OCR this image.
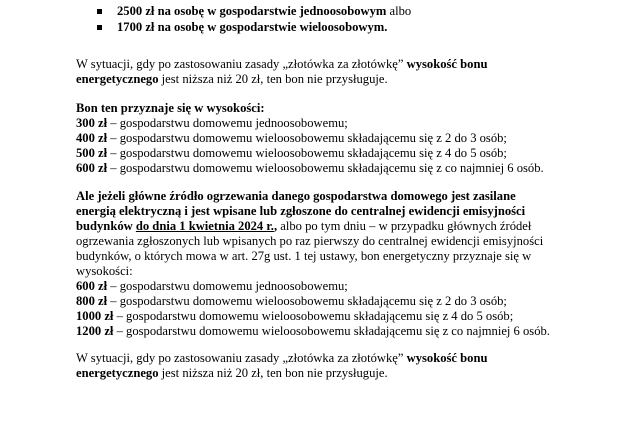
2500 zł na osobę w gospodarstwie jednoosobowym albo
1700 zł na osobę w gospodarstwie wieloosobowym.
W sytuacji, gdy po zastosowaniu zasady „złotówka za złotówkę” wysokość bonu
energetycznego jest niższa niż 20 zł, ten bon nie przysługuje.
Bon ten przyznaje się w wysokości:
300 zł – gospodarstwu domowemu jednoosobowemu;
400 zł – gospodarstwu domowemu wieloosobowemu składającemu się z 2 do 3 osób;
500 zł – gospodarstwu domowemu wieloosobowemu składającemu się z 4 do 5 osób;
600 zł – gospodarstwu domowemu wieloosobowemu składającemu się z co najmniej 6 osób.
Ale jeżeli główne źródło ogrzewania danego gospodarstwa domowego jest zasilane
energią elektryczną i jest wpisane lub zgłoszone do centralnej ewidencji emisyjności
budynków do dnia 1 kwietnia 2024 r., albo po tym dniu – w przypadku głównych źródeł
ogrzewania zgłoszonych lub wpisanych po raz pierwszy do centralnej ewidencji emisyjności
budynków, o których mowa w art. 27g ust. 1 tej ustawy, bon energetyczny przyznaje się w
wysokości:
600 zł – gospodarstwu domowemu jednoosobowemu;
800 zł – gospodarstwu domowemu wieloosobowemu składającemu się z 2 do 3 osób;
1000 zł – gospodarstwu domowemu wieloosobowemu składającemu się z 4 do 5 osób;
1200 zł – gospodarstwu domowemu wieloosobowemu składającemu się z co najmniej 6 osób.
W sytuacji, gdy po zastosowaniu zasady „złotówka za złotówkę” wysokość bonu
energetycznego jest niższa niż 20 zł, ten bon nie przysługuje.
